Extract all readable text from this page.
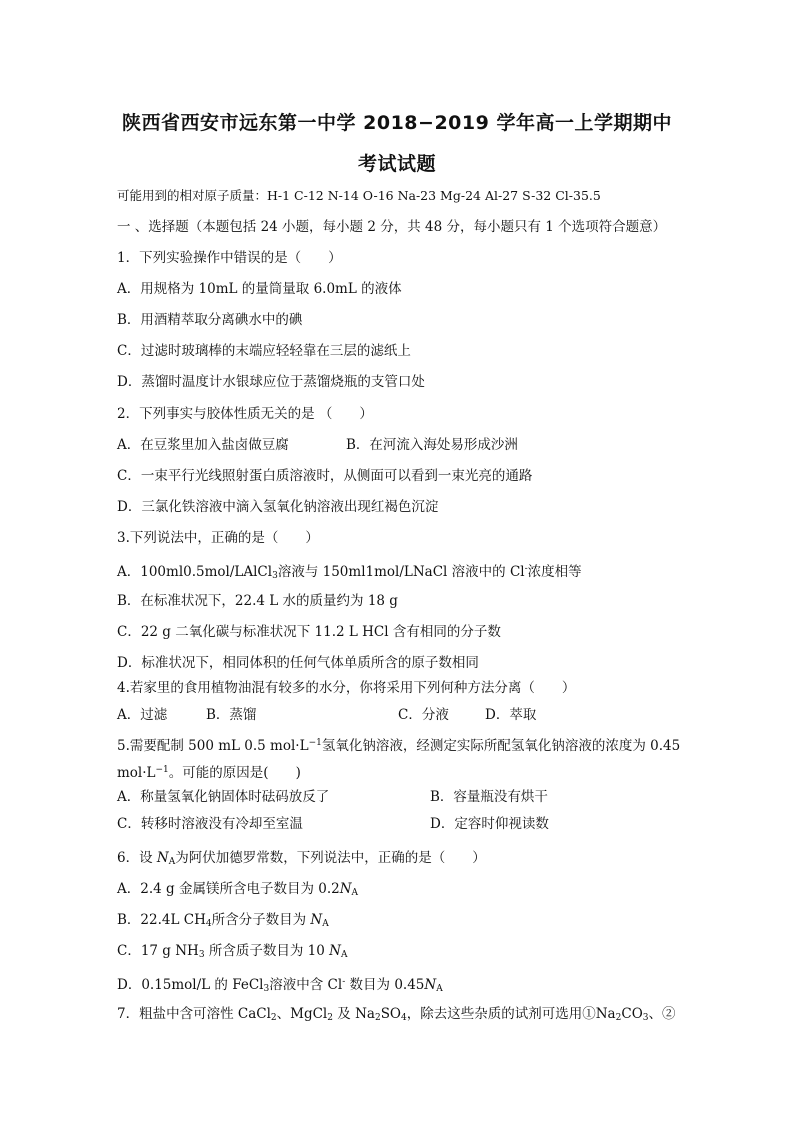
陕西省西安市远东第一中学 2018−2019 学年高一上学期期中
考试试题
可能用到的相对原子质量：H-1 C-12 N-14 O-16 Na-23 Mg-24 Al-27 S-32 Cl-35.5
一 、选择题（本题包括 24 小题，每小题 2 分，共 48 分，每小题只有 1 个选项符合题意）
1．下列实验操作中错误的是（　　）
A．用规格为 10mL 的量筒量取 6.0mL 的液体
B．用酒精萃取分离碘水中的碘
C．过滤时玻璃棒的末端应轻轻靠在三层的滤纸上
D．蒸馏时温度计水银球应位于蒸馏烧瓶的支管口处
2．下列事实与胶体性质无关的是 （　　）
A．在豆浆里加入盐卤做豆腐	B．在河流入海处易形成沙洲
C．一束平行光线照射蛋白质溶液时，从侧面可以看到一束光亮的通路
D．三氯化铁溶液中滴入氢氧化钠溶液出现红褐色沉淀
3.下列说法中，正确的是（　　）
A．100ml0.5mol/LAlCl$_3$溶液与 150ml1mol/LNaCl 溶液中的 Cl-浓度相等
B．在标准状况下，22.4 L 水的质量约为 18 g
C．22 g 二氧化碳与标准状况下 11.2 L HCl 含有相同的分子数
D．标准状况下，相同体积的任何气体单质所含的原子数相同
4.若家里的食用植物油混有较多的水分，你将采用下列何种方法分离（　　）
A．过滤	B．蒸馏	C．分液	D．萃取
5.需要配制 500 mL 0.5 $mol\cdot L^{-1}$氢氧化钠溶液，经测定实际所配氢氧化钠溶液的浓度为 0.45
$mol\cdot L^{-1}$。可能的原因是(　　)
A．称量氢氧化钠固体时砝码放反了	B．容量瓶没有烘干
C．转移时溶液没有冷却至室温	D．定容时仰视读数
6．设 $N_A$为阿伏加德罗常数，下列说法中，正确的是（　　）
A．2.4 g 金属镁所含电子数目为 $0.2N_A$
B．22.4L $CH_4$所含分子数目为 $N_A$
C．17 g $NH_3$ 所含质子数目为 10 $N_A$
D．0.15mol/L 的 FeCl$_3$溶液中含 Cl- 数目为 $0.45N_A$
7．粗盐中含可溶性 CaCl$_2$、MgCl$_2$ 及 $Na_2SO_4$，除去这些杂质的试剂可选用$①Na_2CO_3$、②
